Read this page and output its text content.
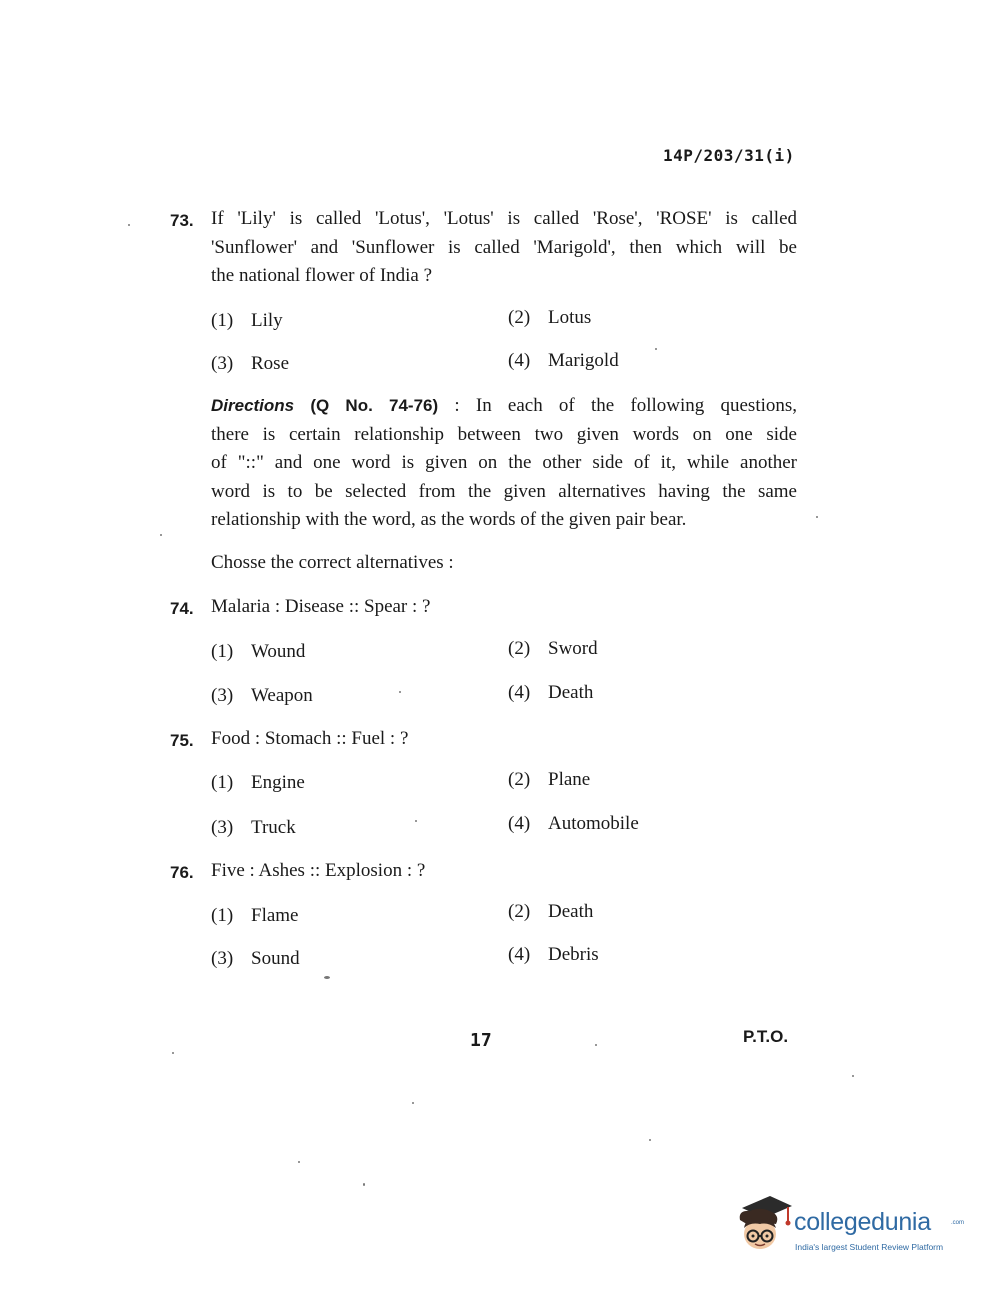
14P/203/31(i)
73. If 'Lily' is called 'Lotus', 'Lotus' is called 'Rose', 'ROSE' is called
'Sunflower' and 'Sunflower is called 'Marigold', then which will be
the national flower of India ?
(1) Lily	(2) Lotus
(3) Rose	(4) Marigold
Directions (Q No. 74-76) : In each of the following questions,
there is certain relationship between two given words on one side
of "::" and one word is given on the other side of it, while another
word is to be selected from the given alternatives having the same
relationship with the word, as the words of the given pair bear.
Chosse the correct alternatives :
74. Malaria : Disease :: Spear : ?
(1) Wound	(2) Sword
(3) Weapon	(4) Death
75. Food : Stomach :: Fuel : ?
(1) Engine	(2) Plane
(3) Truck	(4) Automobile
76. Five : Ashes :: Explosion : ?
(1) Flame	(2) Death
(3) Sound	(4) Debris
17	P.T.O.
collegedunia	.com
India's largest Student Review Platform
